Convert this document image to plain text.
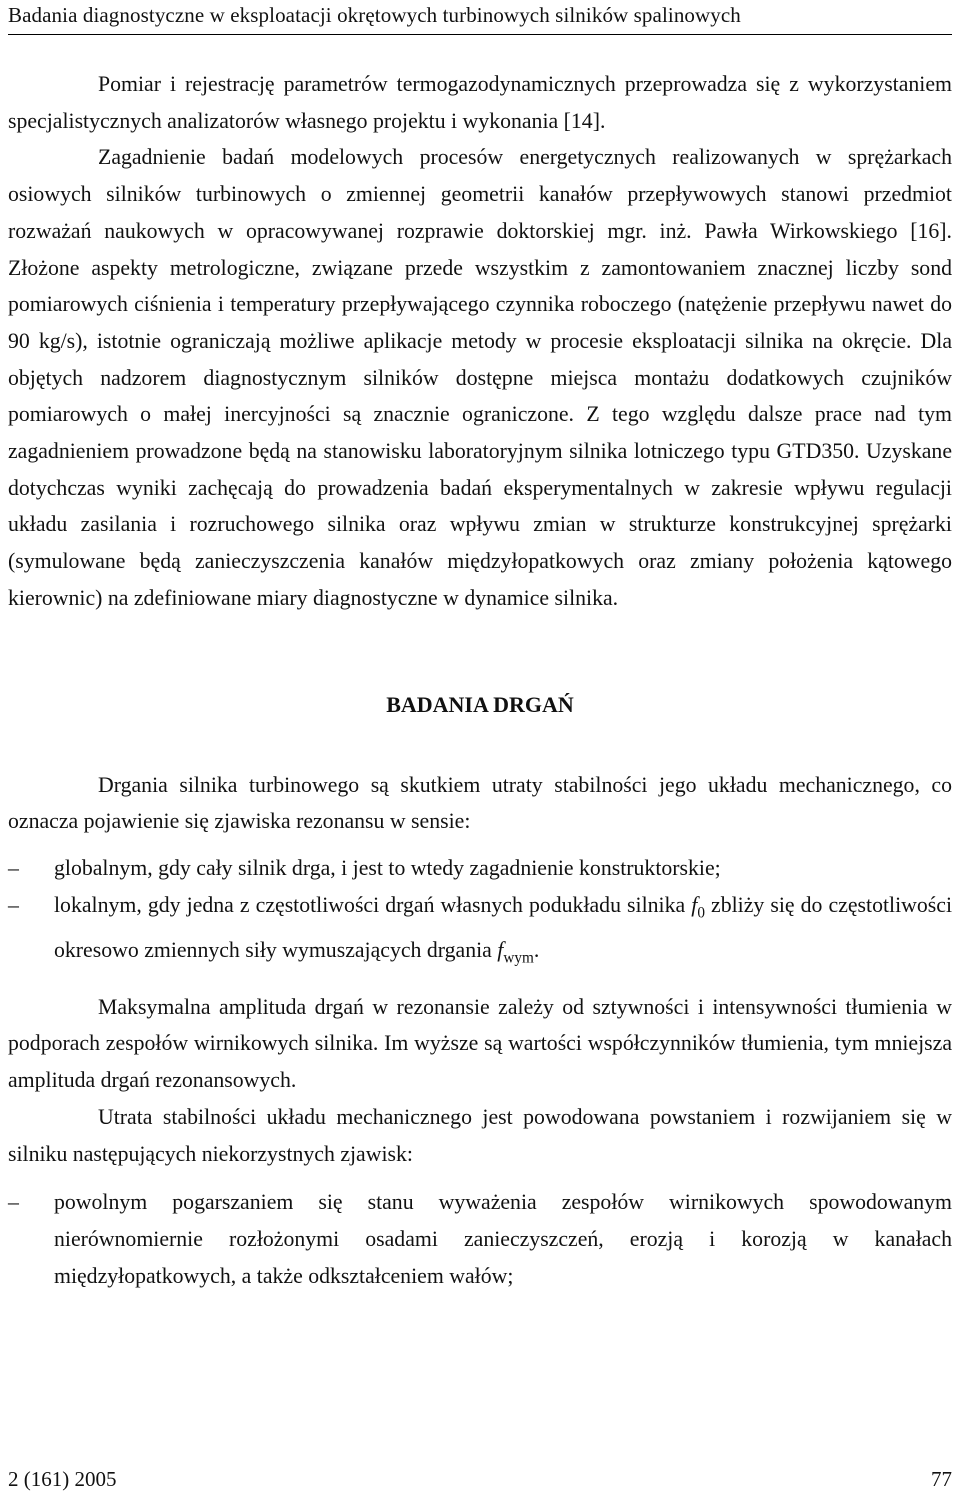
Badania diagnostyczne w eksploatacji okrętowych turbinowych silników spalinowych

Pomiar i rejestrację parametrów termogazodynamicznych przeprowadza się z wykorzystaniem specjalistycznych analizatorów własnego projektu i wykonania [14].

Zagadnienie badań modelowych procesów energetycznych realizowanych w sprężarkach osiowych silników turbinowych o zmiennej geometrii kanałów przepływowych stanowi przedmiot rozważań naukowych w opracowywanej rozprawie doktorskiej mgr. inż. Pawła Wirkowskiego [16]. Złożone aspekty metrologiczne, związane przede wszystkim z zamontowaniem znacznej liczby sond pomiarowych ciśnienia i temperatury przepływającego czynnika roboczego (natężenie przepływu nawet do 90 kg/s), istotnie ograniczają możliwe aplikacje metody w procesie eksploatacji silnika na okręcie. Dla objętych nadzorem diagnostycznym silników dostępne miejsca montażu dodatkowych czujników pomiarowych o małej inercyjności są znacznie ograniczone. Z tego względu dalsze prace nad tym zagadnieniem prowadzone będą na stanowisku laboratoryjnym silnika lotniczego typu GTD350. Uzyskane dotychczas wyniki zachęcają do prowadzenia badań eksperymentalnych w zakresie wpływu regulacji układu zasilania i rozruchowego silnika oraz wpływu zmian w strukturze konstrukcyjnej sprężarki (symulowane będą zanieczyszczenia kanałów międzyłopatkowych oraz zmiany położenia kątowego kierownic) na zdefiniowane miary diagnostyczne w dynamice silnika.

BADANIA DRGAŃ

Drgania silnika turbinowego są skutkiem utraty stabilności jego układu mechanicznego, co oznacza pojawienie się zjawiska rezonansu w sensie:

– globalnym, gdy cały silnik drga, i jest to wtedy zagadnienie konstruktorskie;
– lokalnym, gdy jedna z częstotliwości drgań własnych podukładu silnika $f_0$ zbliży się do częstotliwości okresowo zmiennych siły wymuszających drgania $f_{wym}$.

Maksymalna amplituda drgań w rezonansie zależy od sztywności i intensywności tłumienia w podporach zespołów wirnikowych silnika. Im wyższe są wartości współczynników tłumienia, tym mniejsza amplituda drgań rezonansowych.

Utrata stabilności układu mechanicznego jest powodowana powstaniem i rozwijaniem się w silniku następujących niekorzystnych zjawisk:

– powolnym pogarszaniem się stanu wyważenia zespołów wirnikowych spowodowanym nierównomiernie rozłożonymi osadami zanieczyszczeń, erozją i korozją w kanałach międzyłopatkowych, a także odkształceniem wałów;
2 (161) 2005	77
